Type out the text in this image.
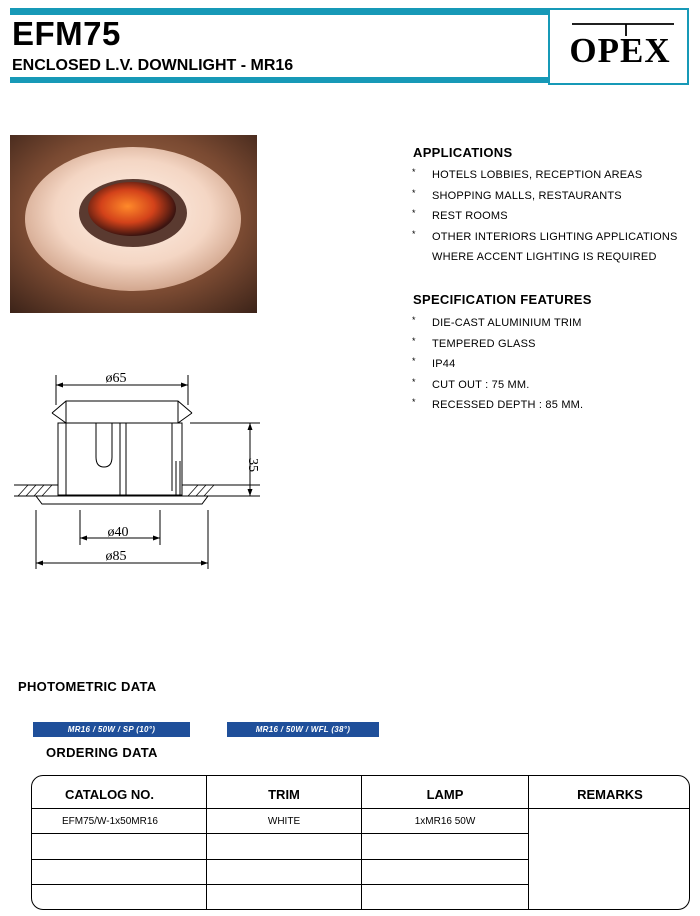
EFM75
ENCLOSED L.V. DOWNLIGHT - MR16	OPEX
APPLICATIONS
* HOTELS LOBBIES, RECEPTION AREAS
* SHOPPING MALLS, RESTAURANTS
* REST ROOMS
* OTHER INTERIORS LIGHTING APPLICATIONS
WHERE ACCENT LIGHTING IS REQUIRED
SPECIFICATION FEATURES
* DIE-CAST ALUMINIUM TRIM
* TEMPERED GLASS
* IP44
* CUT OUT : 75 MM.
* RECESSED DEPTH : 85 MM.
ø65
35
ø40
ø85
PHOTOMETRIC DATA
MR16 / 50W / SP (10°)	MR16 / 50W / WFL (38°)
ORDERING DATA
CATALOG NO.	TRIM	LAMP	REMARKS
EFM75/W-1x50MR16	WHITE	1xMR16 50W
